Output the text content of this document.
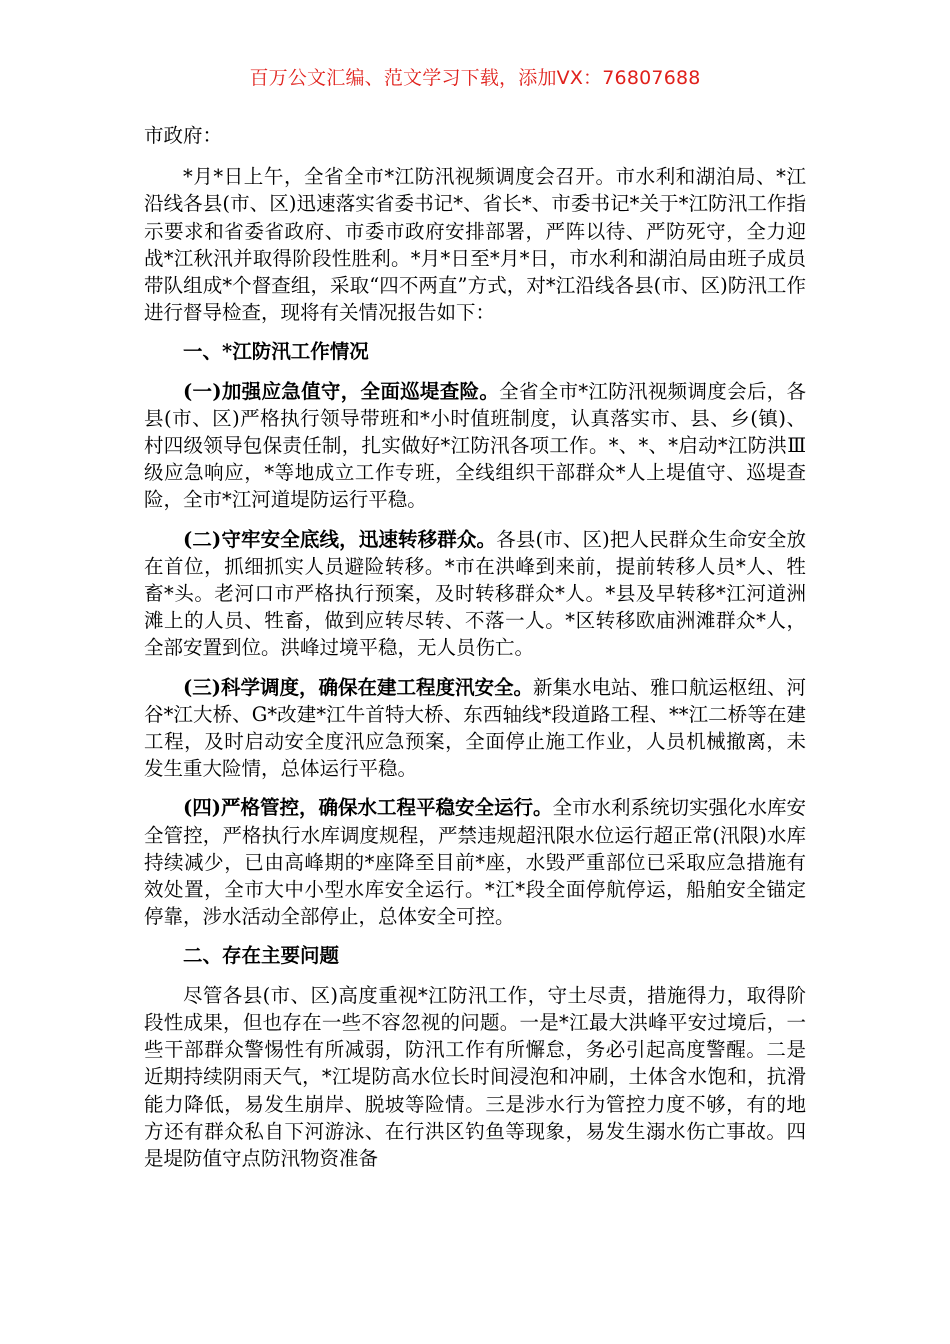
百万公文汇编、范文学习下载，添加VX：76807688

市政府：

*月*日上午，全省全市*江防汛视频调度会召开。市水利和湖泊局、*江沿线各县(市、区)迅速落实省委书记*、省长*、市委书记*关于*江防汛工作指示要求和省委省政府、市委市政府安排部署，严阵以待、严防死守，全力迎战*江秋汛并取得阶段性胜利。*月*日至*月*日，市水利和湖泊局由班子成员带队组成*个督查组，采取“四不两直”方式，对*江沿线各县(市、区)防汛工作进行督导检查，现将有关情况报告如下：

一、*江防汛工作情况

(一)加强应急值守，全面巡堤查险。全省全市*江防汛视频调度会后，各县(市、区)严格执行领导带班和*小时值班制度，认真落实市、县、乡(镇)、村四级领导包保责任制，扎实做好*江防汛各项工作。*、*、*启动*江防洪Ⅲ级应急响应，*等地成立工作专班，全线组织干部群众*人上堤值守、巡堤查险，全市*江河道堤防运行平稳。

(二)守牢安全底线，迅速转移群众。各县(市、区)把人民群众生命安全放在首位，抓细抓实人员避险转移。*市在洪峰到来前，提前转移人员*人、牲畜*头。老河口市严格执行预案，及时转移群众*人。*县及早转移*江河道洲滩上的人员、牲畜，做到应转尽转、不落一人。*区转移欧庙洲滩群众*人，全部安置到位。洪峰过境平稳，无人员伤亡。

(三)科学调度，确保在建工程度汛安全。新集水电站、雅口航运枢纽、河谷*江大桥、G*改建*江牛首特大桥、东西轴线*段道路工程、**江二桥等在建工程，及时启动安全度汛应急预案，全面停止施工作业，人员机械撤离，未发生重大险情，总体运行平稳。

(四)严格管控，确保水工程平稳安全运行。全市水利系统切实强化水库安全管控，严格执行水库调度规程，严禁违规超汛限水位运行超正常(汛限)水库持续减少，已由高峰期的*座降至目前*座，水毁严重部位已采取应急措施有效处置，全市大中小型水库安全运行。*江*段全面停航停运，船舶安全锚定停靠，涉水活动全部停止，总体安全可控。

二、存在主要问题

尽管各县(市、区)高度重视*江防汛工作，守土尽责，措施得力，取得阶段性成果，但也存在一些不容忽视的问题。一是*江最大洪峰平安过境后，一些干部群众警惕性有所减弱，防汛工作有所懈怠，务必引起高度警醒。二是近期持续阴雨天气，*江堤防高水位长时间浸泡和冲刷，土体含水饱和，抗滑能力降低，易发生崩岸、脱坡等险情。三是涉水行为管控力度不够，有的地方还有群众私自下河游泳、在行洪区钓鱼等现象，易发生溺水伤亡事故。四是堤防值守点防汛物资准备
